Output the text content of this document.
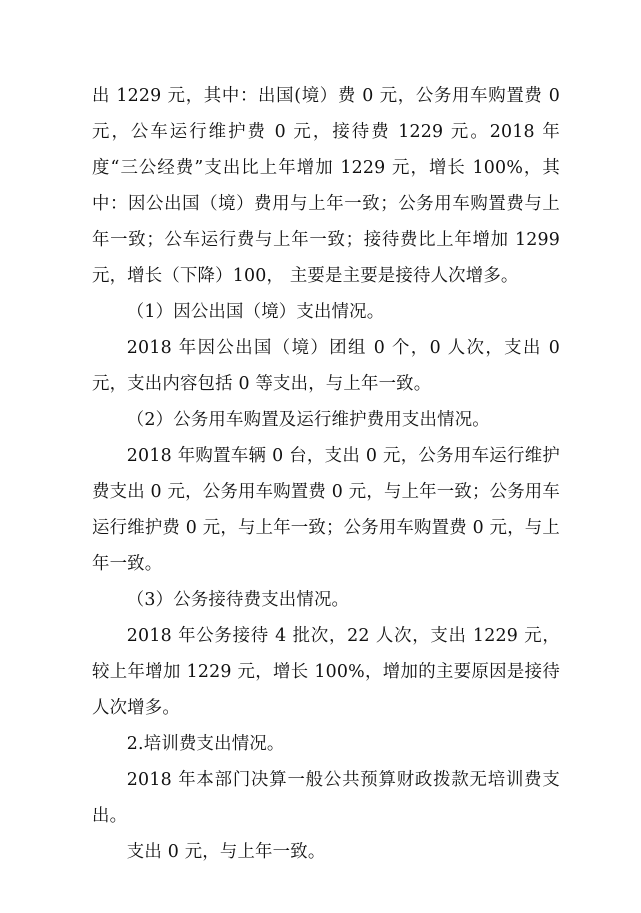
出 1229 元，其中：出国(境）费 0 元，公务用车购置费 0 元，公车运行维护费 0 元，接待费 1229 元。2018 年度“三公经费”支出比上年增加 1229 元，增长 100%，其中：因公出国（境）费用与上年一致；公务用车购置费与上年一致；公车运行费与上年一致；接待费比上年增加 1299 元，增长（下降）100， 主要是主要是接待人次增多。

（1）因公出国（境）支出情况。

2018 年因公出国（境）团组 0 个，0 人次，支出 0 元，支出内容包括 0 等支出，与上年一致。

（2）公务用车购置及运行维护费用支出情况。

2018 年购置车辆 0 台，支出 0 元，公务用车运行维护费支出 0 元，公务用车购置费 0 元，与上年一致；公务用车运行维护费 0 元，与上年一致；公务用车购置费 0 元，与上年一致。

（3）公务接待费支出情况。

2018 年公务接待 4 批次，22 人次，支出 1229 元，较上年增加 1229 元，增长 100%，增加的主要原因是接待人次增多。

2.培训费支出情况。

2018 年本部门决算一般公共预算财政拨款无培训费支出。

支出 0 元，与上年一致。
